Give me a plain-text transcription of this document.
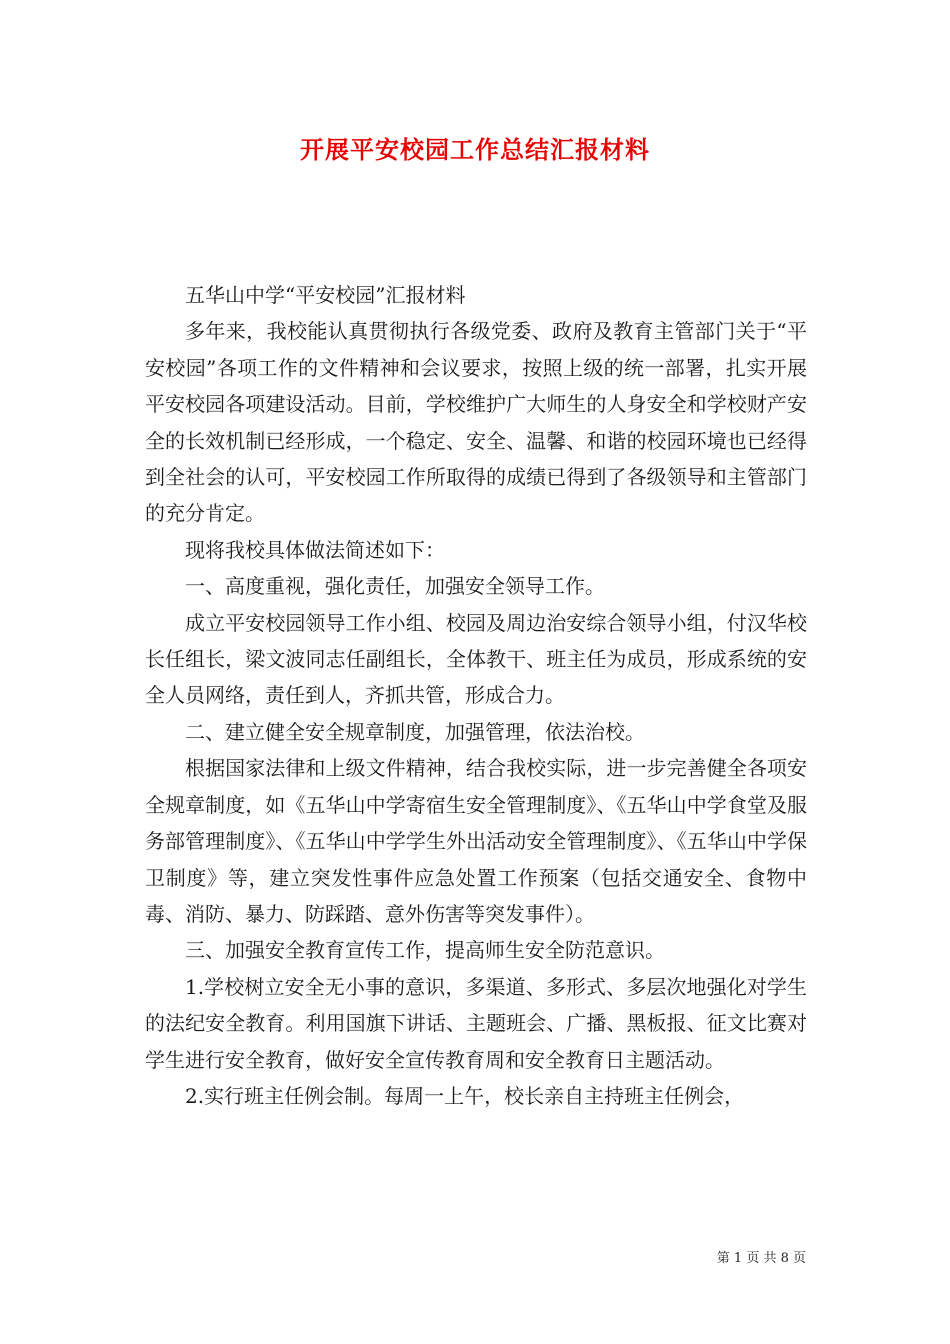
开展平安校园工作总结汇报材料

五华山中学“平安校园”汇报材料

多年来，我校能认真贯彻执行各级党委、政府及教育主管部门关于“平安校园”各项工作的文件精神和会议要求，按照上级的统一部署，扎实开展平安校园各项建设活动。目前，学校维护广大师生的人身安全和学校财产安全的长效机制已经形成，一个稳定、安全、温馨、和谐的校园环境也已经得到全社会的认可，平安校园工作所取得的成绩已得到了各级领导和主管部门的充分肯定。

现将我校具体做法简述如下：

一、高度重视，强化责任，加强安全领导工作。

成立平安校园领导工作小组、校园及周边治安综合领导小组，付汉华校长任组长，梁文波同志任副组长，全体教干、班主任为成员，形成系统的安全人员网络，责任到人，齐抓共管，形成合力。

二、建立健全安全规章制度，加强管理，依法治校。

根据国家法律和上级文件精神，结合我校实际，进一步完善健全各项安全规章制度，如《五华山中学寄宿生安全管理制度》、《五华山中学食堂及服务部管理制度》、《五华山中学学生外出活动安全管理制度》、《五华山中学保卫制度》等，建立突发性事件应急处置工作预案（包括交通安全、食物中毒、消防、暴力、防踩踏、意外伤害等突发事件）。

三、加强安全教育宣传工作，提高师生安全防范意识。

1.学校树立安全无小事的意识，多渠道、多形式、多层次地强化对学生的法纪安全教育。利用国旗下讲话、主题班会、广播、黑板报、征文比赛对学生进行安全教育，做好安全宣传教育周和安全教育日主题活动。

2.实行班主任例会制。每周一上午，校长亲自主持班主任例会，

第 1 页 共 8 页
